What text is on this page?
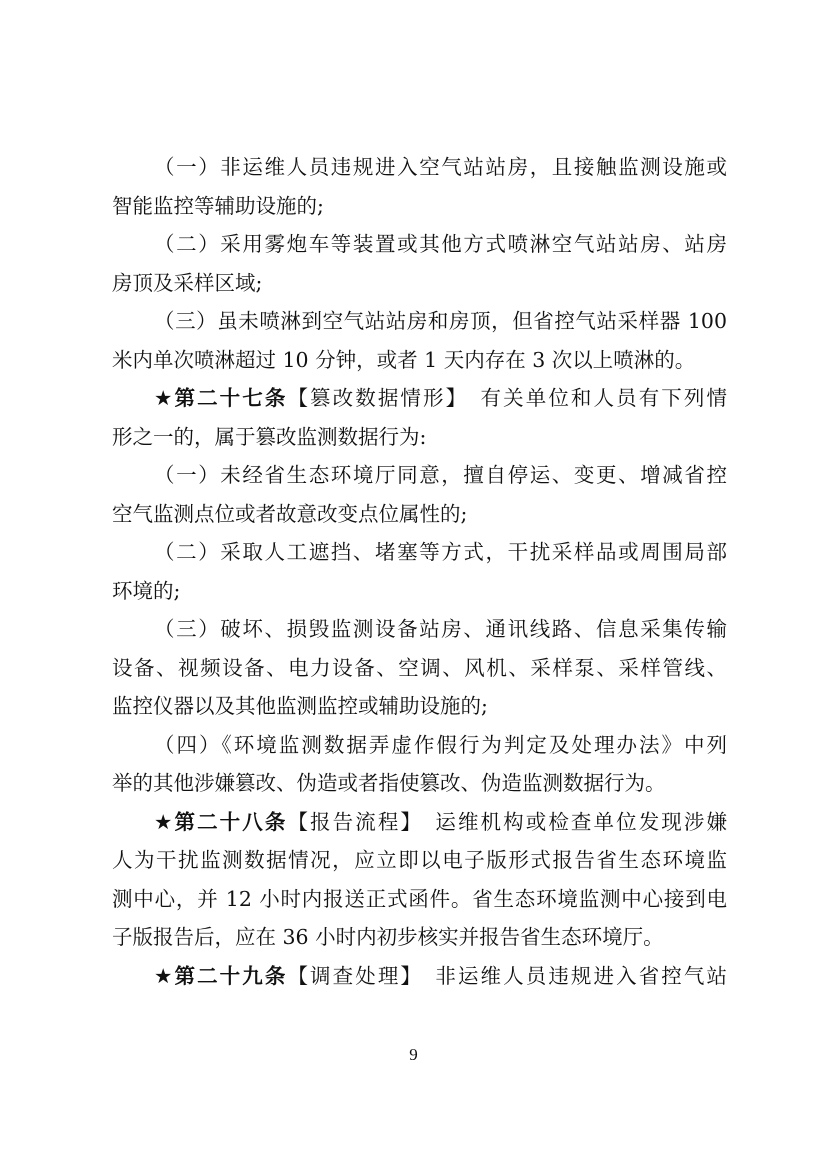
（一）非运维人员违规进入空气站站房，且接触监测设施或
智能监控等辅助设施的;
（二）采用雾炮车等装置或其他方式喷淋空气站站房、站房
房顶及采样区域;
（三）虽未喷淋到空气站站房和房顶，但省控气站采样器 100
米内单次喷淋超过 10 分钟，或者 1 天内存在 3 次以上喷淋的。
★第二十七条【篡改数据情形】　有关单位和人员有下列情
形之一的，属于篡改监测数据行为:
（一）未经省生态环境厅同意，擅自停运、变更、增减省控
空气监测点位或者故意改变点位属性的;
（二）采取人工遮挡、堵塞等方式，干扰采样品或周围局部
环境的;
（三）破坏、损毁监测设备站房、通讯线路、信息采集传输
设备、视频设备、电力设备、空调、风机、采样泵、采样管线、
监控仪器以及其他监测监控或辅助设施的;
（四）《环境监测数据弄虚作假行为判定及处理办法》中列
举的其他涉嫌篡改、伪造或者指使篡改、伪造监测数据行为。
★第二十八条【报告流程】　运维机构或检查单位发现涉嫌
人为干扰监测数据情况，应立即以电子版形式报告省生态环境监
测中心，并 12 小时内报送正式函件。省生态环境监测中心接到电
子版报告后，应在 36 小时内初步核实并报告省生态环境厅。
★第二十九条【调查处理】　非运维人员违规进入省控气站
9
